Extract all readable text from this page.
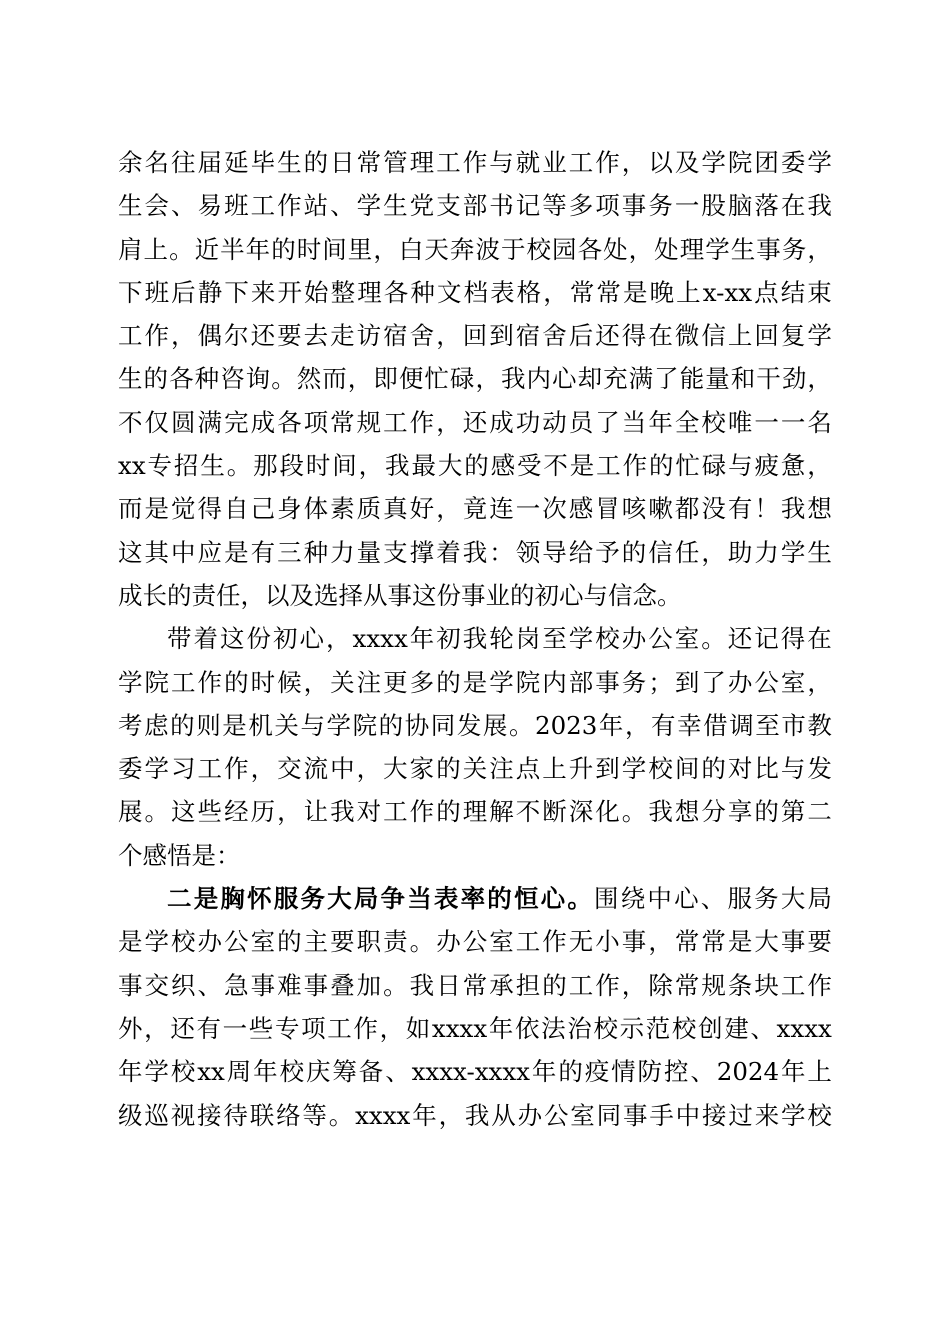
余 名 往 届 延 毕 生 的 日 常 管 理 工 作 与 就 业 工 作 ， 以 及 学 院 团 委 学
生 会 、 易 班 工 作 站 、 学 生 党 支 部 书 记 等 多 项 事 务 一 股 脑 落 在 我
肩 上 。 近 半 年 的 时 间 里 ， 白 天 奔 波 于 校 园 各 处 ， 处 理 学 生 事 务 ，
下 班 后 静 下 来 开 始 整 理 各 种 文 档 表 格 ， 常 常 是 晚 上 x-xx 点 结 束
工 作 ， 偶 尔 还 要 去 走 访 宿 舍 ， 回 到 宿 舍 后 还 得 在 微 信 上 回 复 学
生 的 各 种 咨 询 。 然 而 ， 即 便 忙 碌 ， 我 内 心 却 充 满 了 能 量 和 干 劲 ，
不 仅 圆 满 完 成 各 项 常 规 工 作 ， 还 成 功 动 员 了 当 年 全 校 唯 一 一 名
xx 专 招 生 。 那 段 时 间 ， 我 最 大 的 感 受 不 是 工 作 的 忙 碌 与 疲 惫 ，
而 是 觉 得 自 己 身 体 素 质 真 好 ， 竟 连 一 次 感 冒 咳 嗽 都 没 有 ！ 我 想
这 其 中 应 是 有 三 种 力 量 支 撑 着 我 ： 领 导 给 予 的 信 任 ， 助 力 学 生
成长的责任，以及选择从事这份事业的初心与信念。
带 着 这 份 初 心 ， xxxx 年 初 我 轮 岗 至 学 校 办 公 室 。 还 记 得 在
学 院 工 作 的 时 候 ， 关 注 更 多 的 是 学 院 内 部 事 务 ； 到 了 办 公 室 ，
考 虑 的 则 是 机 关 与 学 院 的 协 同 发 展 。 2023 年 ， 有 幸 借 调 至 市 教
委 学 习 工 作 ， 交 流 中 ， 大 家 的 关 注 点 上 升 到 学 校 间 的 对 比 与 发
展 。 这 些 经 历 ， 让 我 对 工 作 的 理 解 不 断 深 化 。 我 想 分 享 的 第 二
个感悟是：
二 是 胸 怀 服 务 大 局 争 当 表 率 的 恒 心 。 围 绕 中 心 、 服 务 大 局
是 学 校 办 公 室 的 主 要 职 责 。 办 公 室 工 作 无 小 事 ， 常 常 是 大 事 要
事 交 织 、 急 事 难 事 叠 加 。 我 日 常 承 担 的 工 作 ， 除 常 规 条 块 工 作
外 ， 还 有 一 些 专 项 工 作 ， 如 xxxx 年 依 法 治 校 示 范 校 创 建 、 xxxx
年 学 校 xx 周 年 校 庆 筹 备 、 xxxx-xxxx 年 的 疫 情 防 控 、 2024 年 上
级 巡 视 接 待 联 络 等 。 xxxx 年 ， 我 从 办 公 室 同 事 手 中 接 过 来 学 校
